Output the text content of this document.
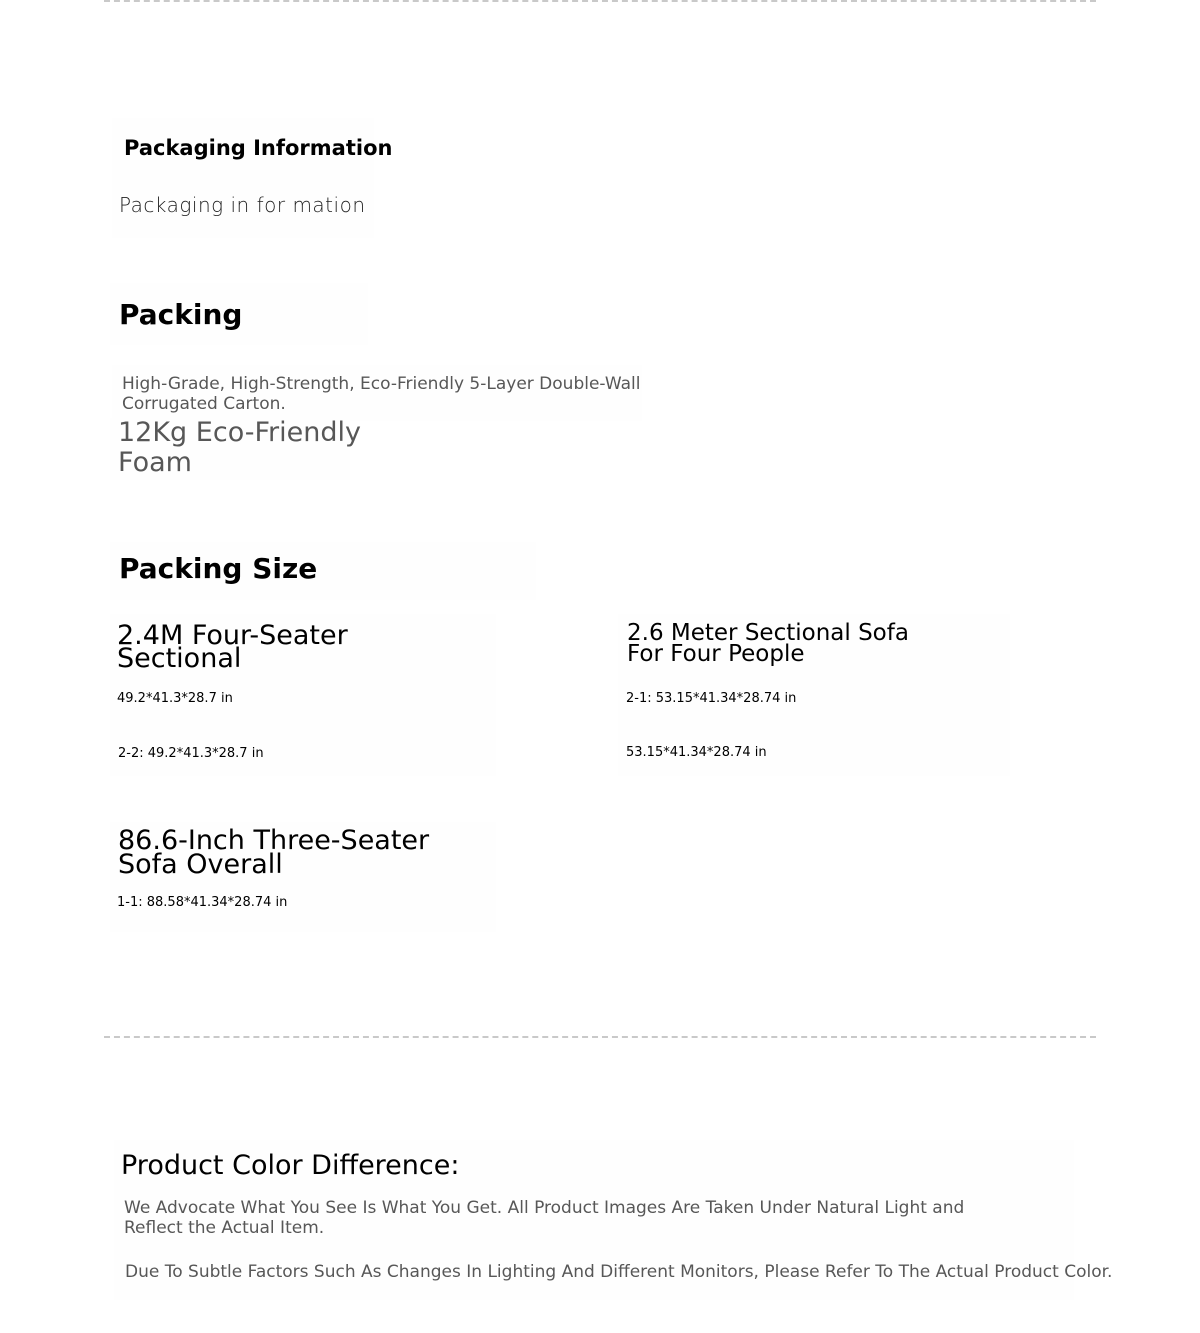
Packaging Information
Packaging in for mation
Packing
High-Grade, High-Strength, Eco-Friendly 5-Layer Double-Wall Corrugated Carton.
12Kg Eco-Friendly
Foam
Packing Size
2.4M Four-Seater
Sectional
49.2*41.3*28.7 in
2-2: 49.2*41.3*28.7 in
2.6 Meter Sectional Sofa
For Four People
2-1: 53.15*41.34*28.74 in
53.15*41.34*28.74 in
86.6-Inch Three-Seater
Sofa Overall
1-1: 88.58*41.34*28.74 in
Product Color Difference:
We Advocate What You See Is What You Get. All Product Images Are Taken Under Natural Light and Reflect the Actual Item.
Due To Subtle Factors Such As Changes In Lighting And Different Monitors, Please Refer To The Actual Product Color.
